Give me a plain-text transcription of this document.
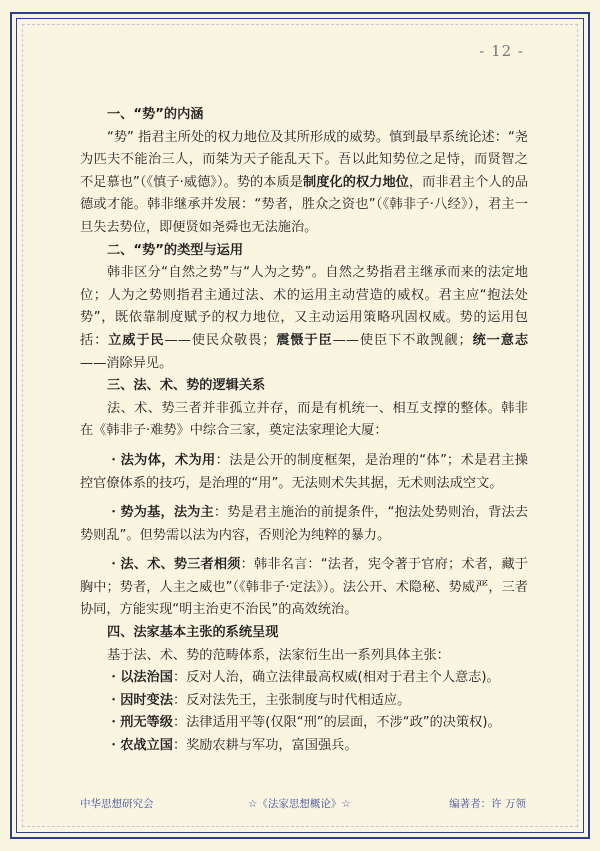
- 12 -

一、“势”的内涵

“势” 指君主所处的权力地位及其所形成的威势。慎到最早系统论述：“尧为匹夫不能治三人，而桀为天子能乱天下。吾以此知势位之足恃，而贤智之不足慕也”（《慎子·威德》）。势的本质是制度化的权力地位，而非君主个人的品德或才能。韩非继承并发展：“势者，胜众之资也”（《韩非子·八经》），君主一旦失去势位，即便贤如尧舜也无法施治。

二、“势”的类型与运用

韩非区分“自然之势”与“人为之势”。自然之势指君主继承而来的法定地位；人为之势则指君主通过法、术的运用主动营造的威权。君主应“抱法处势”，既依靠制度赋予的权力地位，又主动运用策略巩固权威。势的运用包括：立威于民——使民众敬畏；震慑于臣——使臣下不敢觊觎；统一意志——消除异见。

三、法、术、势的逻辑关系

法、术、势三者并非孤立并存，而是有机统一、相互支撑的整体。韩非在《韩非子·难势》中综合三家，奠定法家理论大厦：

・法为体，术为用：法是公开的制度框架，是治理的“体”；术是君主操控官僚体系的技巧，是治理的“用”。无法则术失其据，无术则法成空文。

・势为基，法为主：势是君主施治的前提条件，“抱法处势则治，背法去势则乱”。但势需以法为内容，否则沦为纯粹的暴力。

・法、术、势三者相须：韩非名言：“法者，宪令著于官府；术者，藏于胸中；势者，人主之威也”（《韩非子·定法》）。法公开、术隐秘、势威严，三者协同，方能实现“明主治吏不治民”的高效统治。

四、法家基本主张的系统呈现

基于法、术、势的范畴体系，法家衍生出一系列具体主张：

・以法治国：反对人治，确立法律最高权威(相对于君主个人意志)。

・因时变法：反对法先王，主张制度与时代相适应。

・刑无等级：法律适用平等(仅限“刑”的层面，不涉“政”的决策权)。

・农战立国：奖励农耕与军功，富国强兵。

中华思想研究会	☆《法家思想概论》☆	编著者：许 万领
